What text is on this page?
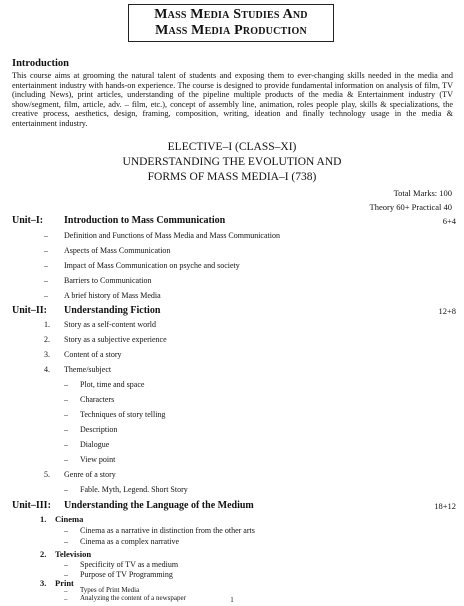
Mass Media Studies And
Mass Media Production
Introduction

This course aims at grooming the natural talent of students and exposing them to ever-changing skills needed in the media and entertainment industry with hands-on experience. The course is designed to provide fundamental information on analysis of film, TV (including News), print articles, understanding of the pipeline multiple products of the media & Entertainment industry (TV show/segment, film, article, adv. – film, etc.), concept of assembly line, animation, roles people play, skills & specializations, the creative process, aesthetics, design, framing, composition, writing, ideation and finally technology usage in the media & entertainment industry.

ELECTIVE–I (CLASS–XI)
UNDERSTANDING THE EVOLUTION AND
FORMS OF MASS MEDIA–I (738)
Total Marks: 100
Theory 60+ Practical 40
Unit–I: Introduction to Mass Communication	6+4
– Definition and Functions of Mass Media and Mass Communication
– Aspects of Mass Communication
– Impact of Mass Communication on psyche and society
– Barriers to Communication
– A brief history of Mass Media
Unit–II: Understanding Fiction	12+8
1. Story as a self-content world
2. Story as a subjective experience
3. Content of a story
4. Theme/subject
– Plot, time and space
– Characters
– Techniques of story telling
– Description
– Dialogue
– View point
5. Genre of a story
– Fable. Myth, Legend. Short Story
Unit–III: Understanding the Language of the Medium	18+12
1. Cinema
– Cinema as a narrative in distinction from the other arts
– Cinema as a complex narrative
2. Television
– Specificity of TV as a medium
– Purpose of TV Programming
3. Print
– Types of Print Media
– Analyzing the content of a newspaper	1
